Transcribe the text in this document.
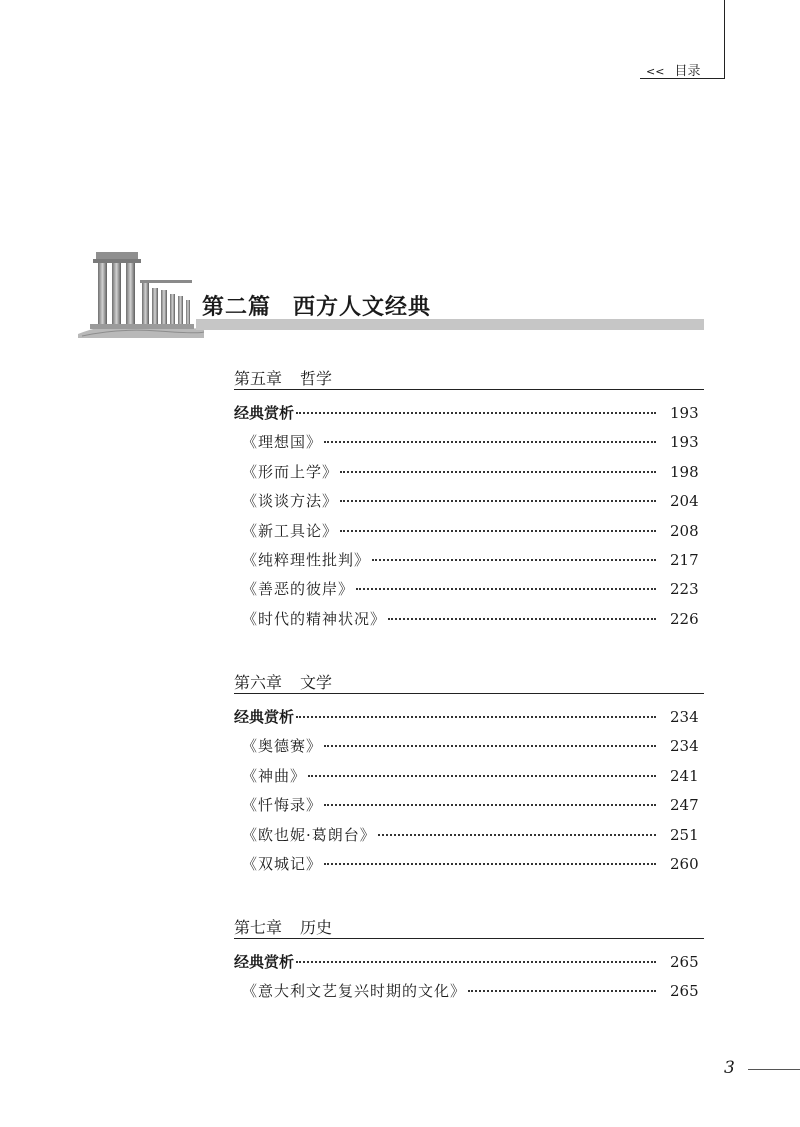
<< 目录
第二篇 西方人文经典
第五章 哲学
经典赏析	193
《理想国》	193
《形而上学》	198
《谈谈方法》	204
《新工具论》	208
《纯粹理性批判》	217
《善恶的彼岸》	223
《时代的精神状况》	226
第六章 文学
经典赏析	234
《奥德赛》	234
《神曲》	241
《忏悔录》	247
《欧也妮·葛朗台》	251
《双城记》	260
第七章 历史
经典赏析	265
《意大利文艺复兴时期的文化》	265
3
